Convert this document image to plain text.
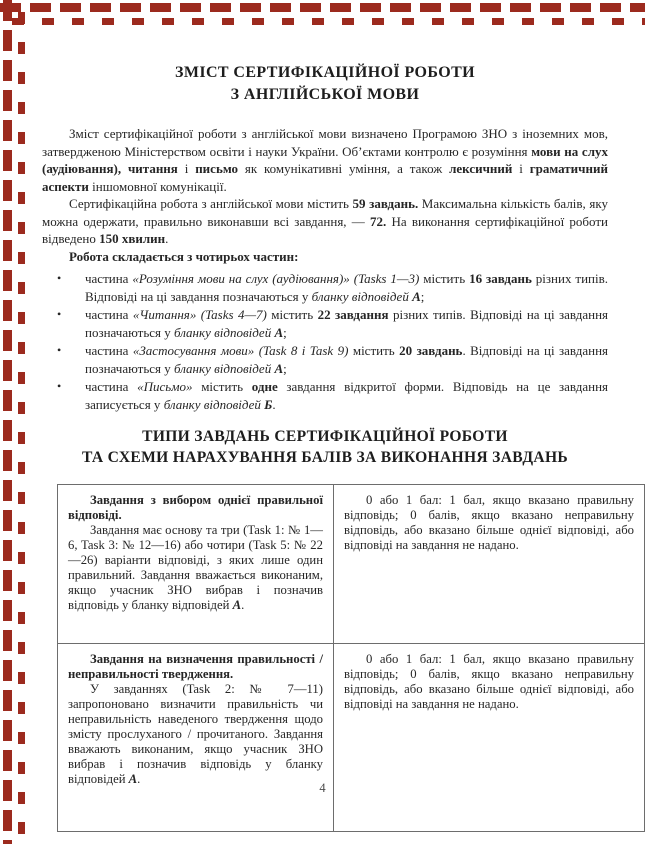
ЗМІСТ СЕРТИФІКАЦІЙНОЇ РОБОТИ
З АНГЛІЙСЬКОЇ МОВИ

Зміст сертифікаційної роботи з англійської мови визначено Програмою ЗНО з іноземних мов, затвердженою Міністерством освіти і науки України. Об’єктами контролю є розуміння мови на слух (аудіювання), читання і письмо як комунікативні уміння, а також лексичний і граматичний аспекти іншомовної комунікації.

Сертифікаційна робота з англійської мови містить 59 завдань. Максимальна кількість балів, яку можна одержати, правильно виконавши всі завдання, — 72. На виконання сертифікаційної роботи відведено 150 хвилин.

Робота складається з чотирьох частин:

• частина «Розуміння мови на слух (аудіювання)» (Tasks 1—3) містить 16 завдань різних типів. Відповіді на ці завдання позначаються у бланку відповідей А;
• частина «Читання» (Tasks 4—7) містить 22 завдання різних типів. Відповіді на ці завдання позначаються у бланку відповідей А;
• частина «Застосування мови» (Task 8 і Task 9) містить 20 завдань. Відповіді на ці завдання позначаються у бланку відповідей А;
• частина «Письмо» містить одне завдання відкритої форми. Відповідь на це завдання записується у бланку відповідей Б.
ТИПИ ЗАВДАНЬ СЕРТИФІКАЦІЙНОЇ РОБОТИ
ТА СХЕМИ НАРАХУВАННЯ БАЛІВ ЗА ВИКОНАННЯ ЗАВДАНЬ

Завдання з вибором однієї правильної відповіді.

Завдання має основу та три (Task 1: № 1—6, Task 3: № 12—16) або чотири (Task 5: № 22—26) варіанти відповіді, з яких лише один правильний. Завдання вважається виконаним, якщо учасник ЗНО вибрав і позначив відповідь у бланку відповідей А.	0 або 1 бал: 1 бал, якщо вказано правильну відповідь; 0 балів, якщо вказано неправильну відповідь, або вказано більше однієї відповіді, або відповіді на завдання не надано.

Завдання на визначення правильності / неправильності твердження.

У завданнях (Task 2: № 7—11) запропоновано визначити правильність чи неправильність наведеного твердження щодо змісту прослуханого / прочитаного. Завдання вважають виконаним, якщо учасник ЗНО вибрав і позначив відповідь у бланку відповідей А.	0 або 1 бал: 1 бал, якщо вказано правильну відповідь; 0 балів, якщо вказано неправильну відповідь, або вказано більше однієї відповіді, або відповіді на завдання не надано.

4
